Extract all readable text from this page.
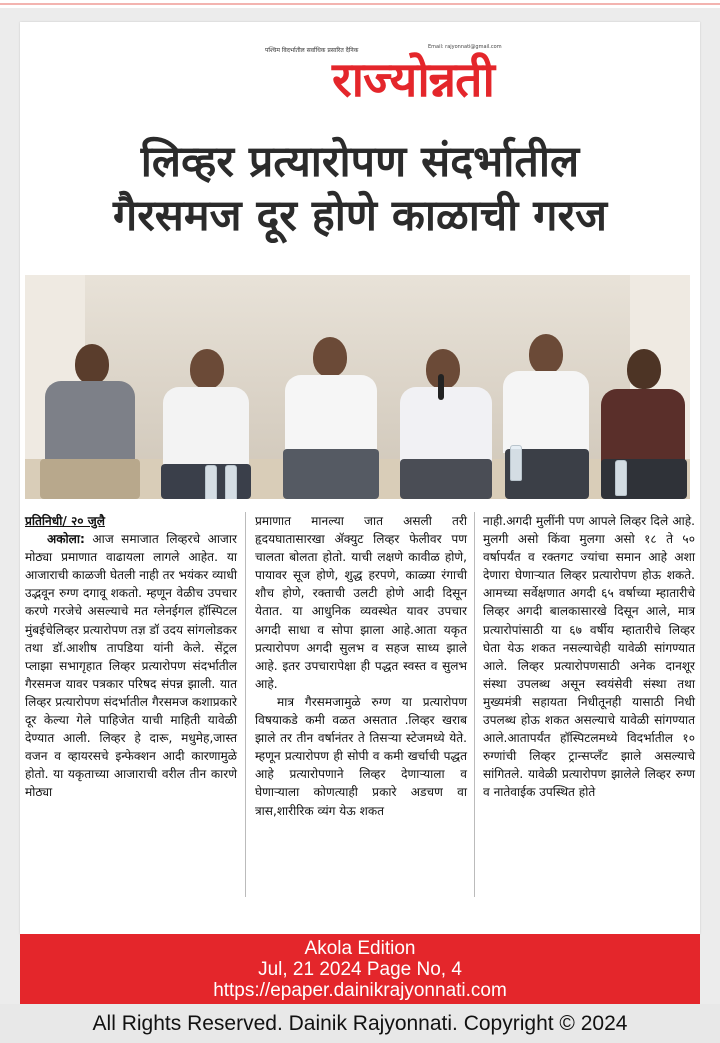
पश्चिम विदर्भातील सर्वाधिक प्रसारित दैनिक	Email: rajyonnati@gmail.com
राज्योन्नती
लिव्हर प्रत्यारोपण संदर्भातील
गैरसमज दूर होणे काळाची गरज

प्रतिनिधी/ २० जुलै

अकोला: आज समाजात लिव्हरचे आजार मोठ्या प्रमाणात वाढायला लागले आहेत. या आजाराची काळजी घेतली नाही तर भयंकर व्याधी उद्भवून रुग्ण दगावू शकतो. म्हणून वेळीच उपचार करणे गरजेचे असल्याचे मत ग्लेनईगल हॉस्पिटल मुंबईचेलिव्हर प्रत्यारोपण तज्ञ डॉ उदय सांगलोडकर तथा डॉ.आशीष तापडिया यांनी केले. सेंट्रल प्लाझा सभागृहात लिव्हर प्रत्यारोपण संदर्भातील गैरसमज यावर पत्रकार परिषद संपन्न झाली. यात लिव्हर प्रत्यारोपण संदर्भातील गैरसमज कशाप्रकारे दूर केल्या गेले पाहिजेत याची माहिती यावेळी देण्यात आली. लिव्हर हे दारू, मधुमेह,जास्त वजन व व्हायरसचे इन्फेक्शन आदी कारणामुळे होतो. या यकृताच्या आजाराची वरील तीन कारणे मोठ्या

प्रमाणात मानल्या जात असली तरी हृदयघातासारखा ॲक्युट लिव्हर फेलीवर पण चालता बोलता होतो. याची लक्षणे कावीळ होणे, पायावर सूज होणे, शुद्ध हरपणे, काळ्या रंगाची शौच होणे, रक्ताची उलटी होणे आदी दिसून येतात. या आधुनिक व्यवस्थेत यावर उपचार अगदी साधा व सोपा झाला आहे.आता यकृत प्रत्यारोपण अगदी सुलभ व सहज साध्य झाले आहे. इतर उपचारापेक्षा ही पद्धत स्वस्त व सुलभ आहे.

मात्र गैरसमजामुळे रुग्ण या प्रत्यारोपण विषयाकडे कमी वळत असतात .लिव्हर खराब झाले तर तीन वर्षानंतर ते तिसऱ्या स्टेजमध्ये येते. म्हणून प्रत्यारोपण ही सोपी व कमी खर्चाची पद्धत आहे प्रत्यारोपणाने लिव्हर देणाऱ्याला व घेणाऱ्याला कोणत्याही प्रकारे अडचण वा त्रास,शारीरिक व्यंग येऊ शकत

नाही.अगदी मुलींनी पण आपले लिव्हर दिले आहे. मुलगी असो किंवा मुलगा असो १८ ते ५० वर्षापर्यंत व रक्तगट ज्यांचा समान आहे अशा देणारा घेणाऱ्यात लिव्हर प्रत्यारोपण होऊ शकते. आमच्या सर्वेक्षणात अगदी ६५ वर्षाच्या म्हातारीचे लिव्हर अगदी बालकासारखे दिसून आले, मात्र प्रत्यारोपांसाठी या ६७ वर्षीय म्हातारीचे लिव्हर घेता येऊ शकत नसल्याचेही यावेळी सांगण्यात आले. लिव्हर प्रत्यारोपणसाठी अनेक दानशूर संस्था उपलब्ध असून स्वयंसेवी संस्था तथा मुख्यमंत्री सहायता निधीतूनही यासाठी निधी उपलब्ध होऊ शकत असल्याचे यावेळी सांगण्यात आले.आतापर्यंत हॉस्पिटलमध्ये विदर्भातील १० रुग्णांची लिव्हर ट्रान्सप्लँट झाले असल्याचे सांगितले. यावेळी प्रत्यारोपण झालेले लिव्हर रुग्ण व नातेवाईक उपस्थित होते

Akola Edition
Jul, 21 2024 Page No, 4
https://epaper.dainikrajyonnati.com
All Rights Reserved. Dainik Rajyonnati. Copyright © 2024
